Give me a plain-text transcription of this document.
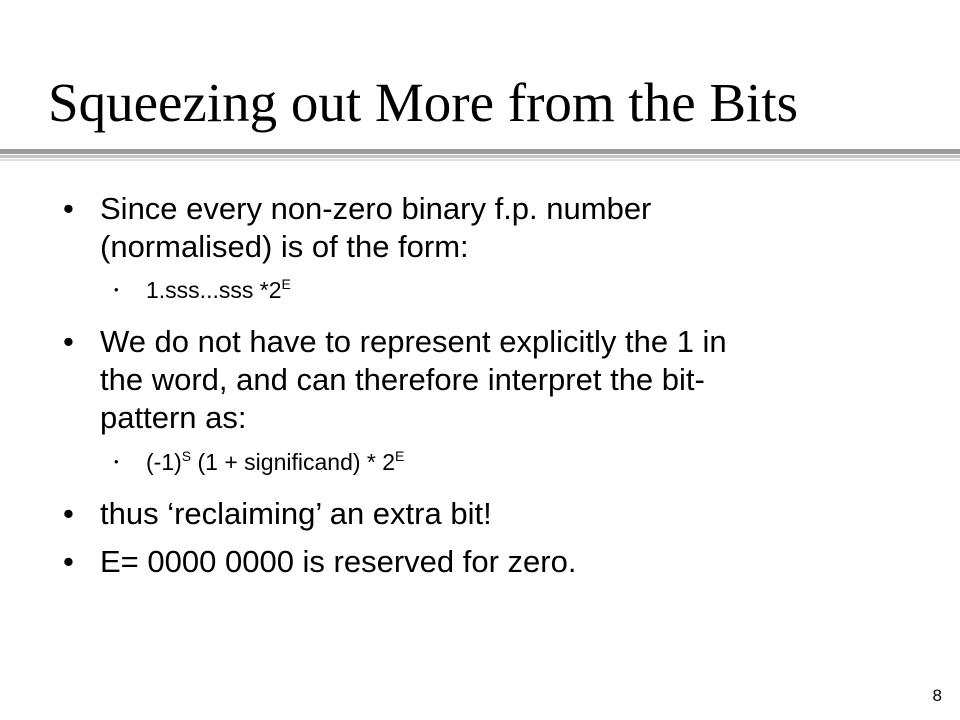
Squeezing out More from the Bits
• Since every non-zero binary f.p. number
(normalised) is of the form:
• 1.sss...sss $*2^E$
• We do not have to represent explicitly the 1 in
the word, and can therefore interpret the bit-
pattern as:
• $(-1)^S$ (1 + significand) * $2^E$
• thus ‘reclaiming’ an extra bit!
• E= 0000 0000 is reserved for zero.
8
